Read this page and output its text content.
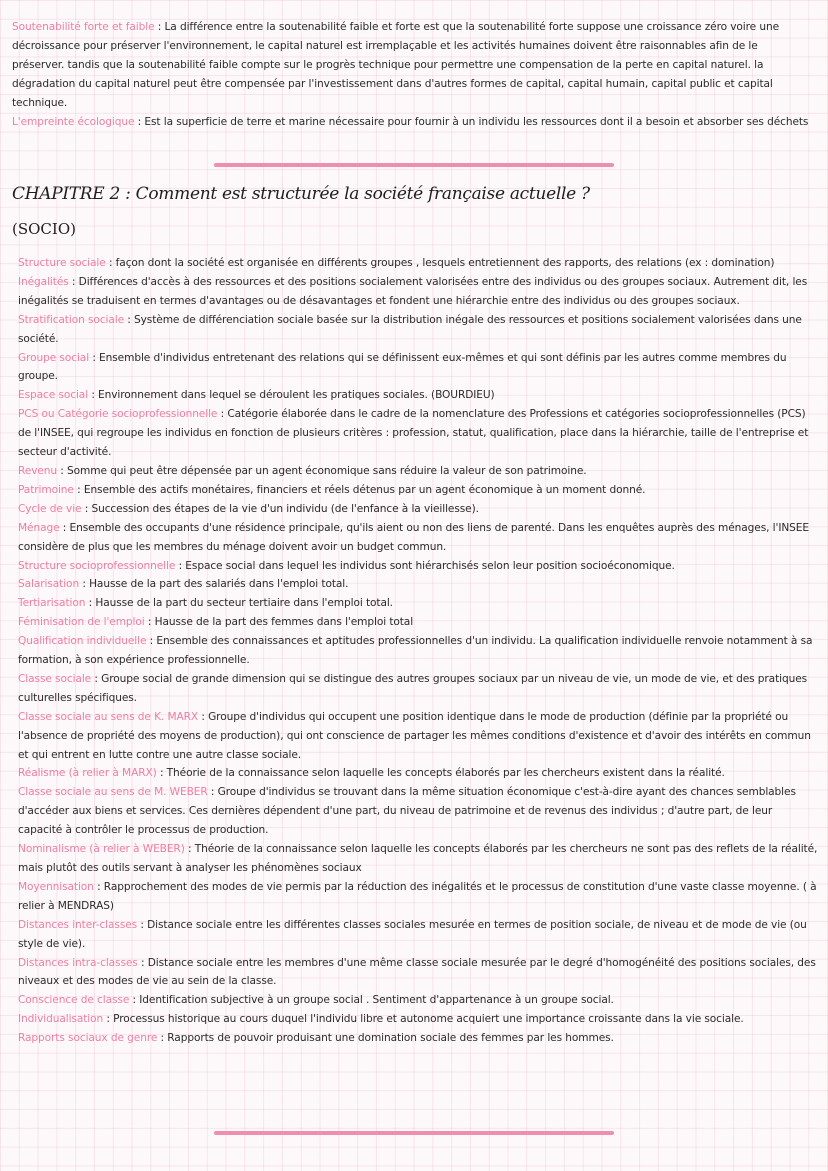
Soutenabilité forte et faible : La différence entre la soutenabilité faible et forte est que la soutenabilité forte suppose une croissance zéro voire une décroissance pour préserver l'environnement, le capital naturel est irremplaçable et les activités humaines doivent être raisonnables afin de le préserver. tandis que la soutenabilité faible compte sur le progrès technique pour permettre une compensation de la perte en capital naturel. la dégradation du capital naturel peut être compensée par l'investissement dans d'autres formes de capital, capital humain, capital public et capital technique.

L'empreinte écologique : Est la superficie de terre et marine nécessaire pour fournir à un individu les ressources dont il a besoin et absorber ses déchets

CHAPITRE 2 : Comment est structurée la société française actuelle ?
(SOCIO)

Structure sociale : façon dont la société est organisée en différents groupes , lesquels entretiennent des rapports, des relations (ex : domination)

Inégalités : Différences d'accès à des ressources et des positions socialement valorisées entre des individus ou des groupes sociaux. Autrement dit, les inégalités se traduisent en termes d'avantages ou de désavantages et fondent une hiérarchie entre des individus ou des groupes sociaux.

Stratification sociale : Système de différenciation sociale basée sur la distribution inégale des ressources et positions socialement valorisées dans une société.

Groupe social : Ensemble d'individus entretenant des relations qui se définissent eux-mêmes et qui sont définis par les autres comme membres du groupe.

Espace social : Environnement dans lequel se déroulent les pratiques sociales. (BOURDIEU)

PCS ou Catégorie socioprofessionnelle : Catégorie élaborée dans le cadre de la nomenclature des Professions et catégories socioprofessionnelles (PCS) de l'INSEE, qui regroupe les individus en fonction de plusieurs critères : profession, statut, qualification, place dans la hiérarchie, taille de l'entreprise et secteur d'activité.

Revenu : Somme qui peut être dépensée par un agent économique sans réduire la valeur de son patrimoine.

Patrimoine : Ensemble des actifs monétaires, financiers et réels détenus par un agent économique à un moment donné.

Cycle de vie : Succession des étapes de la vie d'un individu (de l'enfance à la vieillesse).

Ménage : Ensemble des occupants d'une résidence principale, qu'ils aient ou non des liens de parenté. Dans les enquêtes auprès des ménages, l'INSEE considère de plus que les membres du ménage doivent avoir un budget commun.

Structure socioprofessionnelle : Espace social dans lequel les individus sont hiérarchisés selon leur position socioéconomique.

Salarisation : Hausse de la part des salariés dans l'emploi total.

Tertiarisation : Hausse de la part du secteur tertiaire dans l'emploi total.

Féminisation de l'emploi : Hausse de la part des femmes dans l'emploi total

Qualification individuelle : Ensemble des connaissances et aptitudes professionnelles d'un individu. La qualification individuelle renvoie notamment à sa formation, à son expérience professionnelle.

Classe sociale : Groupe social de grande dimension qui se distingue des autres groupes sociaux par un niveau de vie, un mode de vie, et des pratiques culturelles spécifiques.

Classe sociale au sens de K. MARX : Groupe d'individus qui occupent une position identique dans le mode de production (définie par la propriété ou l'absence de propriété des moyens de production), qui ont conscience de partager les mêmes conditions d'existence et d'avoir des intérêts en commun et qui entrent en lutte contre une autre classe sociale.

Réalisme (à relier à MARX) : Théorie de la connaissance selon laquelle les concepts élaborés par les chercheurs existent dans la réalité.

Classe sociale au sens de M. WEBER : Groupe d'individus se trouvant dans la même situation économique c'est-à-dire ayant des chances semblables d'accéder aux biens et services. Ces dernières dépendent d'une part, du niveau de patrimoine et de revenus des individus ; d'autre part, de leur capacité à contrôler le processus de production.

Nominalisme (à relier à WEBER) : Théorie de la connaissance selon laquelle les concepts élaborés par les chercheurs ne sont pas des reflets de la réalité, mais plutôt des outils servant à analyser les phénomènes sociaux

Moyennisation : Rapprochement des modes de vie permis par la réduction des inégalités et le processus de constitution d'une vaste classe moyenne. ( à relier à MENDRAS)

Distances inter-classes : Distance sociale entre les différentes classes sociales mesurée en termes de position sociale, de niveau et de mode de vie (ou style de vie).

Distances intra-classes : Distance sociale entre les membres d'une même classe sociale mesurée par le degré d'homogénéité des positions sociales, des niveaux et des modes de vie au sein de la classe.

Conscience de classe : Identification subjective à un groupe social . Sentiment d'appartenance à un groupe social.

Individualisation : Processus historique au cours duquel l'individu libre et autonome acquiert une importance croissante dans la vie sociale.

Rapports sociaux de genre : Rapports de pouvoir produisant une domination sociale des femmes par les hommes.
